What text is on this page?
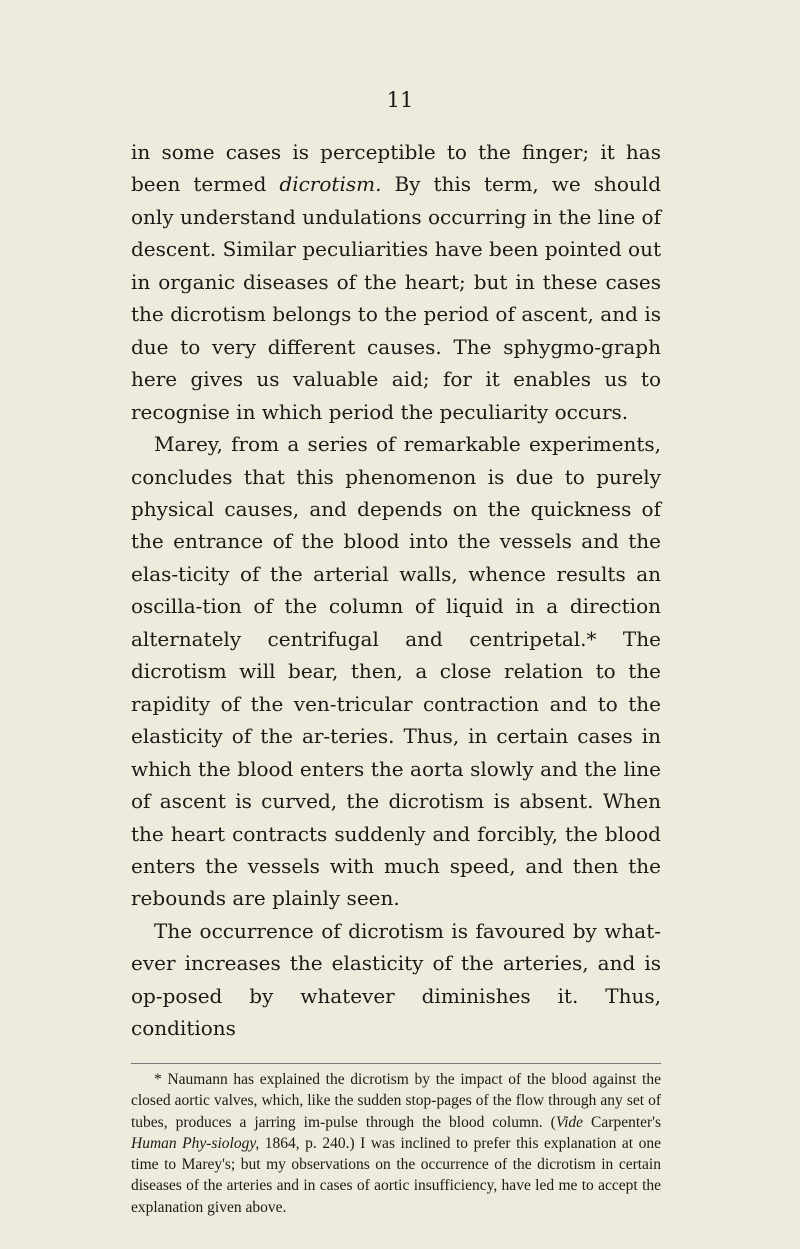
11

in some cases is perceptible to the finger; it has been termed dicrotism. By this term, we should only understand undulations occurring in the line of descent. Similar peculiarities have been pointed out in organic diseases of the heart; but in these cases the dicrotism belongs to the period of ascent, and is due to very different causes. The sphygmo-graph here gives us valuable aid; for it enables us to recognise in which period the peculiarity occurs.

Marey, from a series of remarkable experiments, concludes that this phenomenon is due to purely physical causes, and depends on the quickness of the entrance of the blood into the vessels and the elas-ticity of the arterial walls, whence results an oscilla-tion of the column of liquid in a direction alternately centrifugal and centripetal.* The dicrotism will bear, then, a close relation to the rapidity of the ven-tricular contraction and to the elasticity of the ar-teries. Thus, in certain cases in which the blood enters the aorta slowly and the line of ascent is curved, the dicrotism is absent. When the heart contracts suddenly and forcibly, the blood enters the vessels with much speed, and then the rebounds are plainly seen.

The occurrence of dicrotism is favoured by what-ever increases the elasticity of the arteries, and is op-posed by whatever diminishes it. Thus, conditions

* Naumann has explained the dicrotism by the impact of the blood against the closed aortic valves, which, like the sudden stop-pages of the flow through any set of tubes, produces a jarring im-pulse through the blood column. (Vide Carpenter's Human Phy-siology, 1864, p. 240.) I was inclined to prefer this explanation at one time to Marey's; but my observations on the occurrence of the dicrotism in certain diseases of the arteries and in cases of aortic insufficiency, have led me to accept the explanation given above.
